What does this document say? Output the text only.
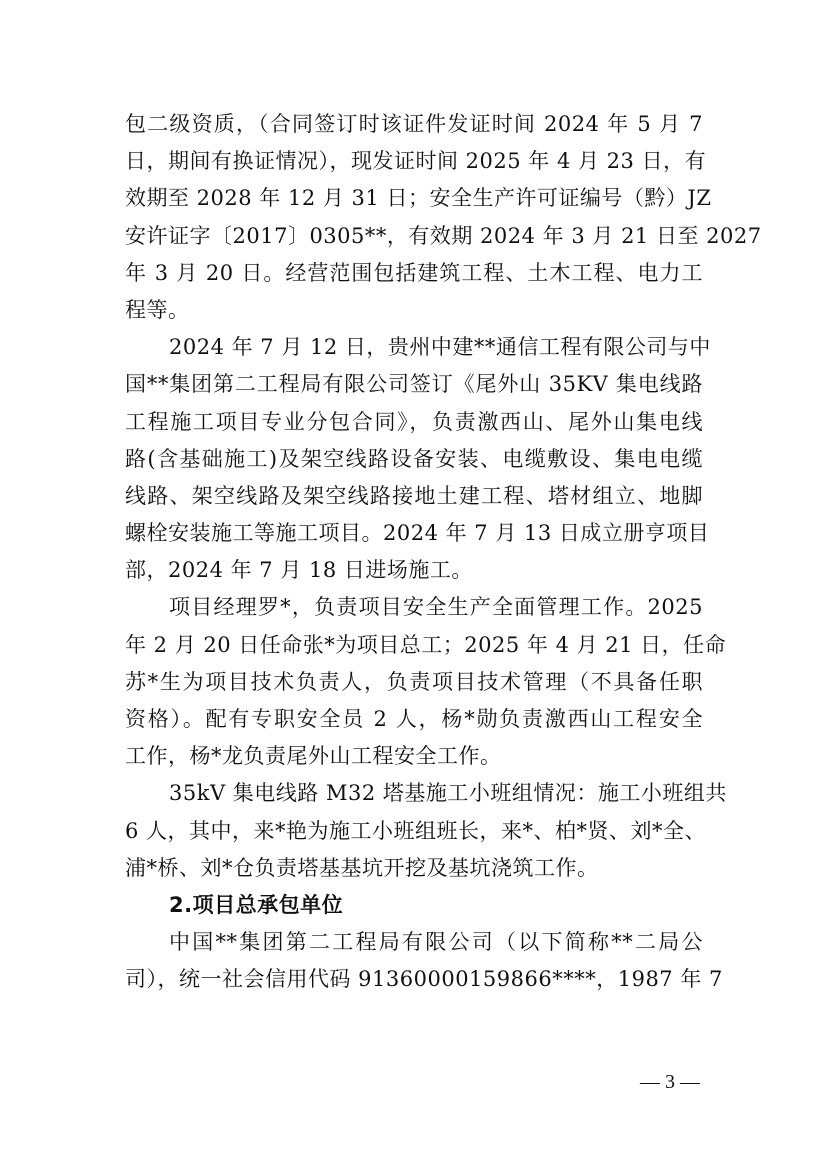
包二级资质，（合同签订时该证件发证时间 2024 年 5 月 7
日，期间有换证情况），现发证时间 2025 年 4 月 23 日，有
效期至 2028 年 12 月 31 日；安全生产许可证编号（黔）JZ
安许证字〔2017〕0305**，有效期 2024 年 3 月 21 日至 2027
年 3 月 20 日。经营范围包括建筑工程、土木工程、电力工
程等。
2024 年 7 月 12 日，贵州中建**通信工程有限公司与中
国**集团第二工程局有限公司签订《尾外山 35KV 集电线路
工程施工项目专业分包合同》，负责激西山、尾外山集电线
路(含基础施工)及架空线路设备安装、电缆敷设、集电电缆
线路、架空线路及架空线路接地土建工程、塔材组立、地脚
螺栓安装施工等施工项目。2024 年 7 月 13 日成立册亨项目
部，2024 年 7 月 18 日进场施工。
项目经理罗*，负责项目安全生产全面管理工作。2025
年 2 月 20 日任命张*为项目总工；2025 年 4 月 21 日，任命
苏*生为项目技术负责人，负责项目技术管理（不具备任职
资格）。配有专职安全员 2 人，杨*勋负责激西山工程安全
工作，杨*龙负责尾外山工程安全工作。
35kV 集电线路 M32 塔基施工小班组情况：施工小班组共
6 人，其中，来*艳为施工小班组班长，来*、柏*贤、刘*全、
浦*桥、刘*仓负责塔基基坑开挖及基坑浇筑工作。
2.项目总承包单位
中国**集团第二工程局有限公司（以下简称**二局公
司），统一社会信用代码 91360000159866****，1987 年 7
— 3 —
